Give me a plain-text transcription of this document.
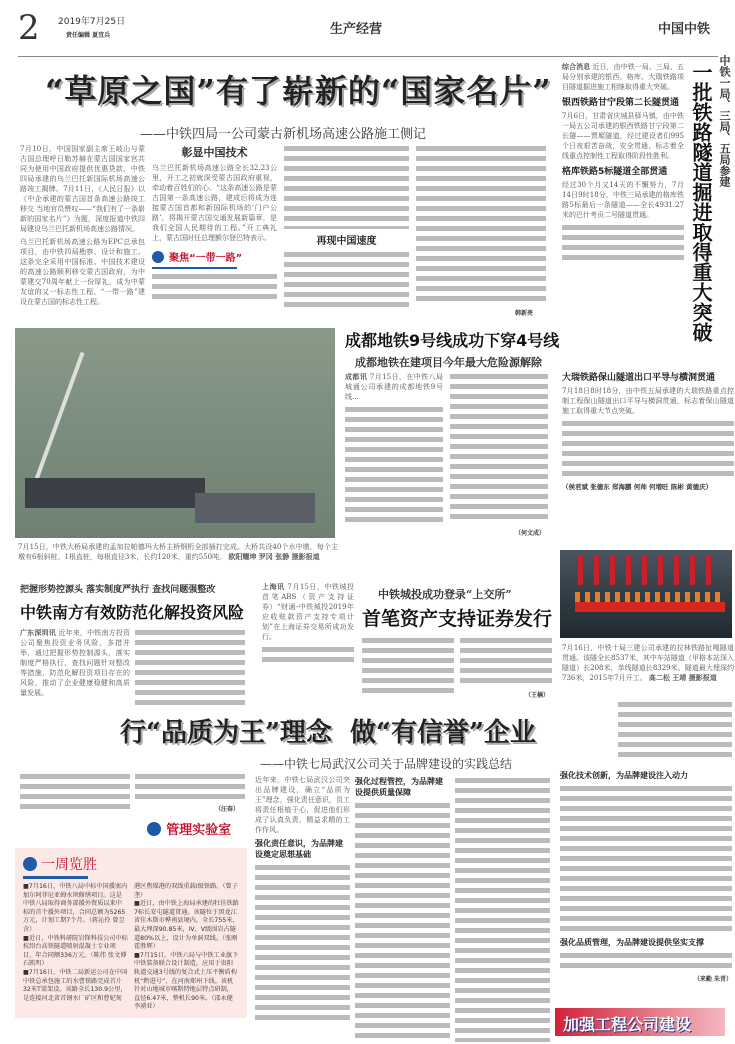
2 2019年7月25日
责任编辑 夏宜兵	生产经营	中国中铁
“草原之国”有了崭新的“国家名片”
——中铁四局一公司蒙古新机场高速公路施工侧记

7月10日，中国国家副主席王岐山与蒙古国总理呼日勒苏赫在蒙古国国家宫共同为使用中国政府提供优惠贷款、中铁四局承建的乌兰巴托新国际机场高速公路竣工揭牌。7月11日，《人民日报》以《中企承建的蒙古国首条高速公路竣工移交 当地官员赞叹——“我们有了一条崭新的国家名片”》为题，深度报道中铁四局建设乌兰巴托新机场高速公路情况。

乌兰巴托新机场高速公路为EPC总承包项目，由中铁四局勘察、设计和施工。这条完全采用中国标准、中国技术建设的高速公路顺利移交蒙古国政府，为中蒙建交70周年献上一份厚礼，成为中蒙友谊的又一标志性工程、“一带一路”建设在蒙古国的标志性工程。

彰显中国技术

乌兰巴托新机场高速公路全长32.23公里，开工之初就深受蒙古国政府重视，牵动着百姓们的心。“这条高速公路是蒙古国第一条高速公路，建成后将成为连接蒙古国首都和新国际机场的‘门户公路’，将揭开蒙古国交通发展新篇章，是我们全国人民期待的工程。”开工典礼上，蒙古国时任总理额尔登巴特表示。

聚焦“一带一路”
再现中国速度
韩新亮

综合消息 近日，由中铁一局、三局、五局分别承建的银西、格库、大瑞铁路项目隧道掘进施工相继取得重大突破。

银西铁路甘宁段第二长隧贯通

7月6日，甘肃省庆城县驿马镇，由中铁一局五公司承建的银西铁路甘宁段第二长隧——贾塬隧道，经过建设者们995个日夜艰苦奋战，安全贯通，标志着全线重点控制性工程取得阶段性胜利。

格库铁路5标隧道全部贯通

经过30个月又14天的不懈努力，7月14日9时18分，中铁三局承建的格库铁路5标最后一条隧道——全长4931.27米的巴什考贡二号隧道贯通。	一批铁路隧道掘进取得重大突破 中铁一局、三局、五局参建
大瑞铁路保山隧道出口平导与横洞贯通

7月18日8时18分，由中铁五局承建的大瑞铁路重点控制工程保山隧道出口平导与横洞贯通，标志着保山隧道施工取得重大节点突破。

（侯君斌 张德东 郑海鹏 何帅 何増旺 陈彬 黄德庆）
7月16日，中铁十局三建公司承建的拉林铁路扯嘎隧道贯通。该隧全长8537米，其中车站隧道（甲格本站深入隧道）长208米，单线隧道长8329米。隧道最大埋深约736米，2015年7月开工。 高二松 王靖 摄影报道
7月15日，中铁大桥局承建的孟加拉帕德玛大桥主桥钢桁全部插打完成。大桥共设40个水中墩，每个主墩有6根斜桩、1根直桩，每根直径3米，长约120米，重约550吨。 欧阳耀坤 罗冈 张静 摄影报道
成都地铁9号线成功下穿4号线
成都地铁在建项目今年最大危险源解除

成都讯 7月15日，在中铁八局城通公司承建的成都地铁9号线...

（何文成）
把握形势控源头 落实制度严执行 查找问题强整改
中铁南方有效防范化解投资风险

广东深圳讯 近年来，中铁南方投资公司聚焦投资业务风险，多措并举，通过把握形势控制源头，落实制度严格执行，查找问题针对整改等措施，防范化解投资项目存在的风险，推动了企业健康稳健和高质量发展。

（汪春）
管理实验室

上海讯 7月15日，中铁城投首笔ABS（资产支持证券）“财通-中铁城投2019年应收账款资产支持专项计划”在上海证券交易所成功发行。

中铁城投成功登录“上交所”
首笔资产支持证券发行
（王楠）
行“品质为王”理念  做“有信誉”企业
——中铁七局武汉公司关于品牌建设的实践总结

近年来，中铁七局武汉公司突出品牌建设，确立“品质为王”理念，强化责任意识，员工将责任根植于心，促进他们形成了认真负责、精益求精的工作作风。

强化责任意识，为品牌建设奠定思想基础
强化过程管控，为品牌建设提供质量保障
强化技术创新，为品牌建设注入动力
强化品质管理，为品牌建设提供坚实支撑
（来勤 朱青）
一周览胜

■7月16日，中铁八局中标中国援塞内加尔阿菲尼亚姆水坝修缮项目。这是中铁八局取得商务部援外资质以来中标的首个援外项目，合同总额为5265万元，计划工期7个月。（蒋沁伶 曾昱含）

■近日，中铁科研院岩锋科技公司中标杭绍台高铁隧道喷射混凝土专业项目，年合同额336万元。（陈伟 张文博 石凯明）

■7月16日，中铁二局新运公司在中国中铁总承包施工的水曹铁路完成首片32米T梁架设。该路全长130.9公里，是连接河北省首钢水厂矿区和曹妃甸港区焦煤港的双线重载Ⅰ级铁路。（曾子垄）

■近日，由中铁上海局承建的牡佳铁路7标长安屯隧道贯通。该隧位于黑龙江省佳木斯市桦南县境内，全长755米，最大埋深90.85米，Ⅳ、Ⅴ级围岩占隧道80%以上，设计为单洞双线。（张刚 霍胜辉）

■7月15日，中铁六局与中铁工业旗下中铁装备联合设计制造，应用于贵阳轨道交通3号线的复合式土压平衡盾构机“黔进号”，在河南郑州下线。该机针对山地城市喀斯特地层特点研制，直径6.47米，整机长90米。（邵永健 李湧亚）

加强工程公司建设
